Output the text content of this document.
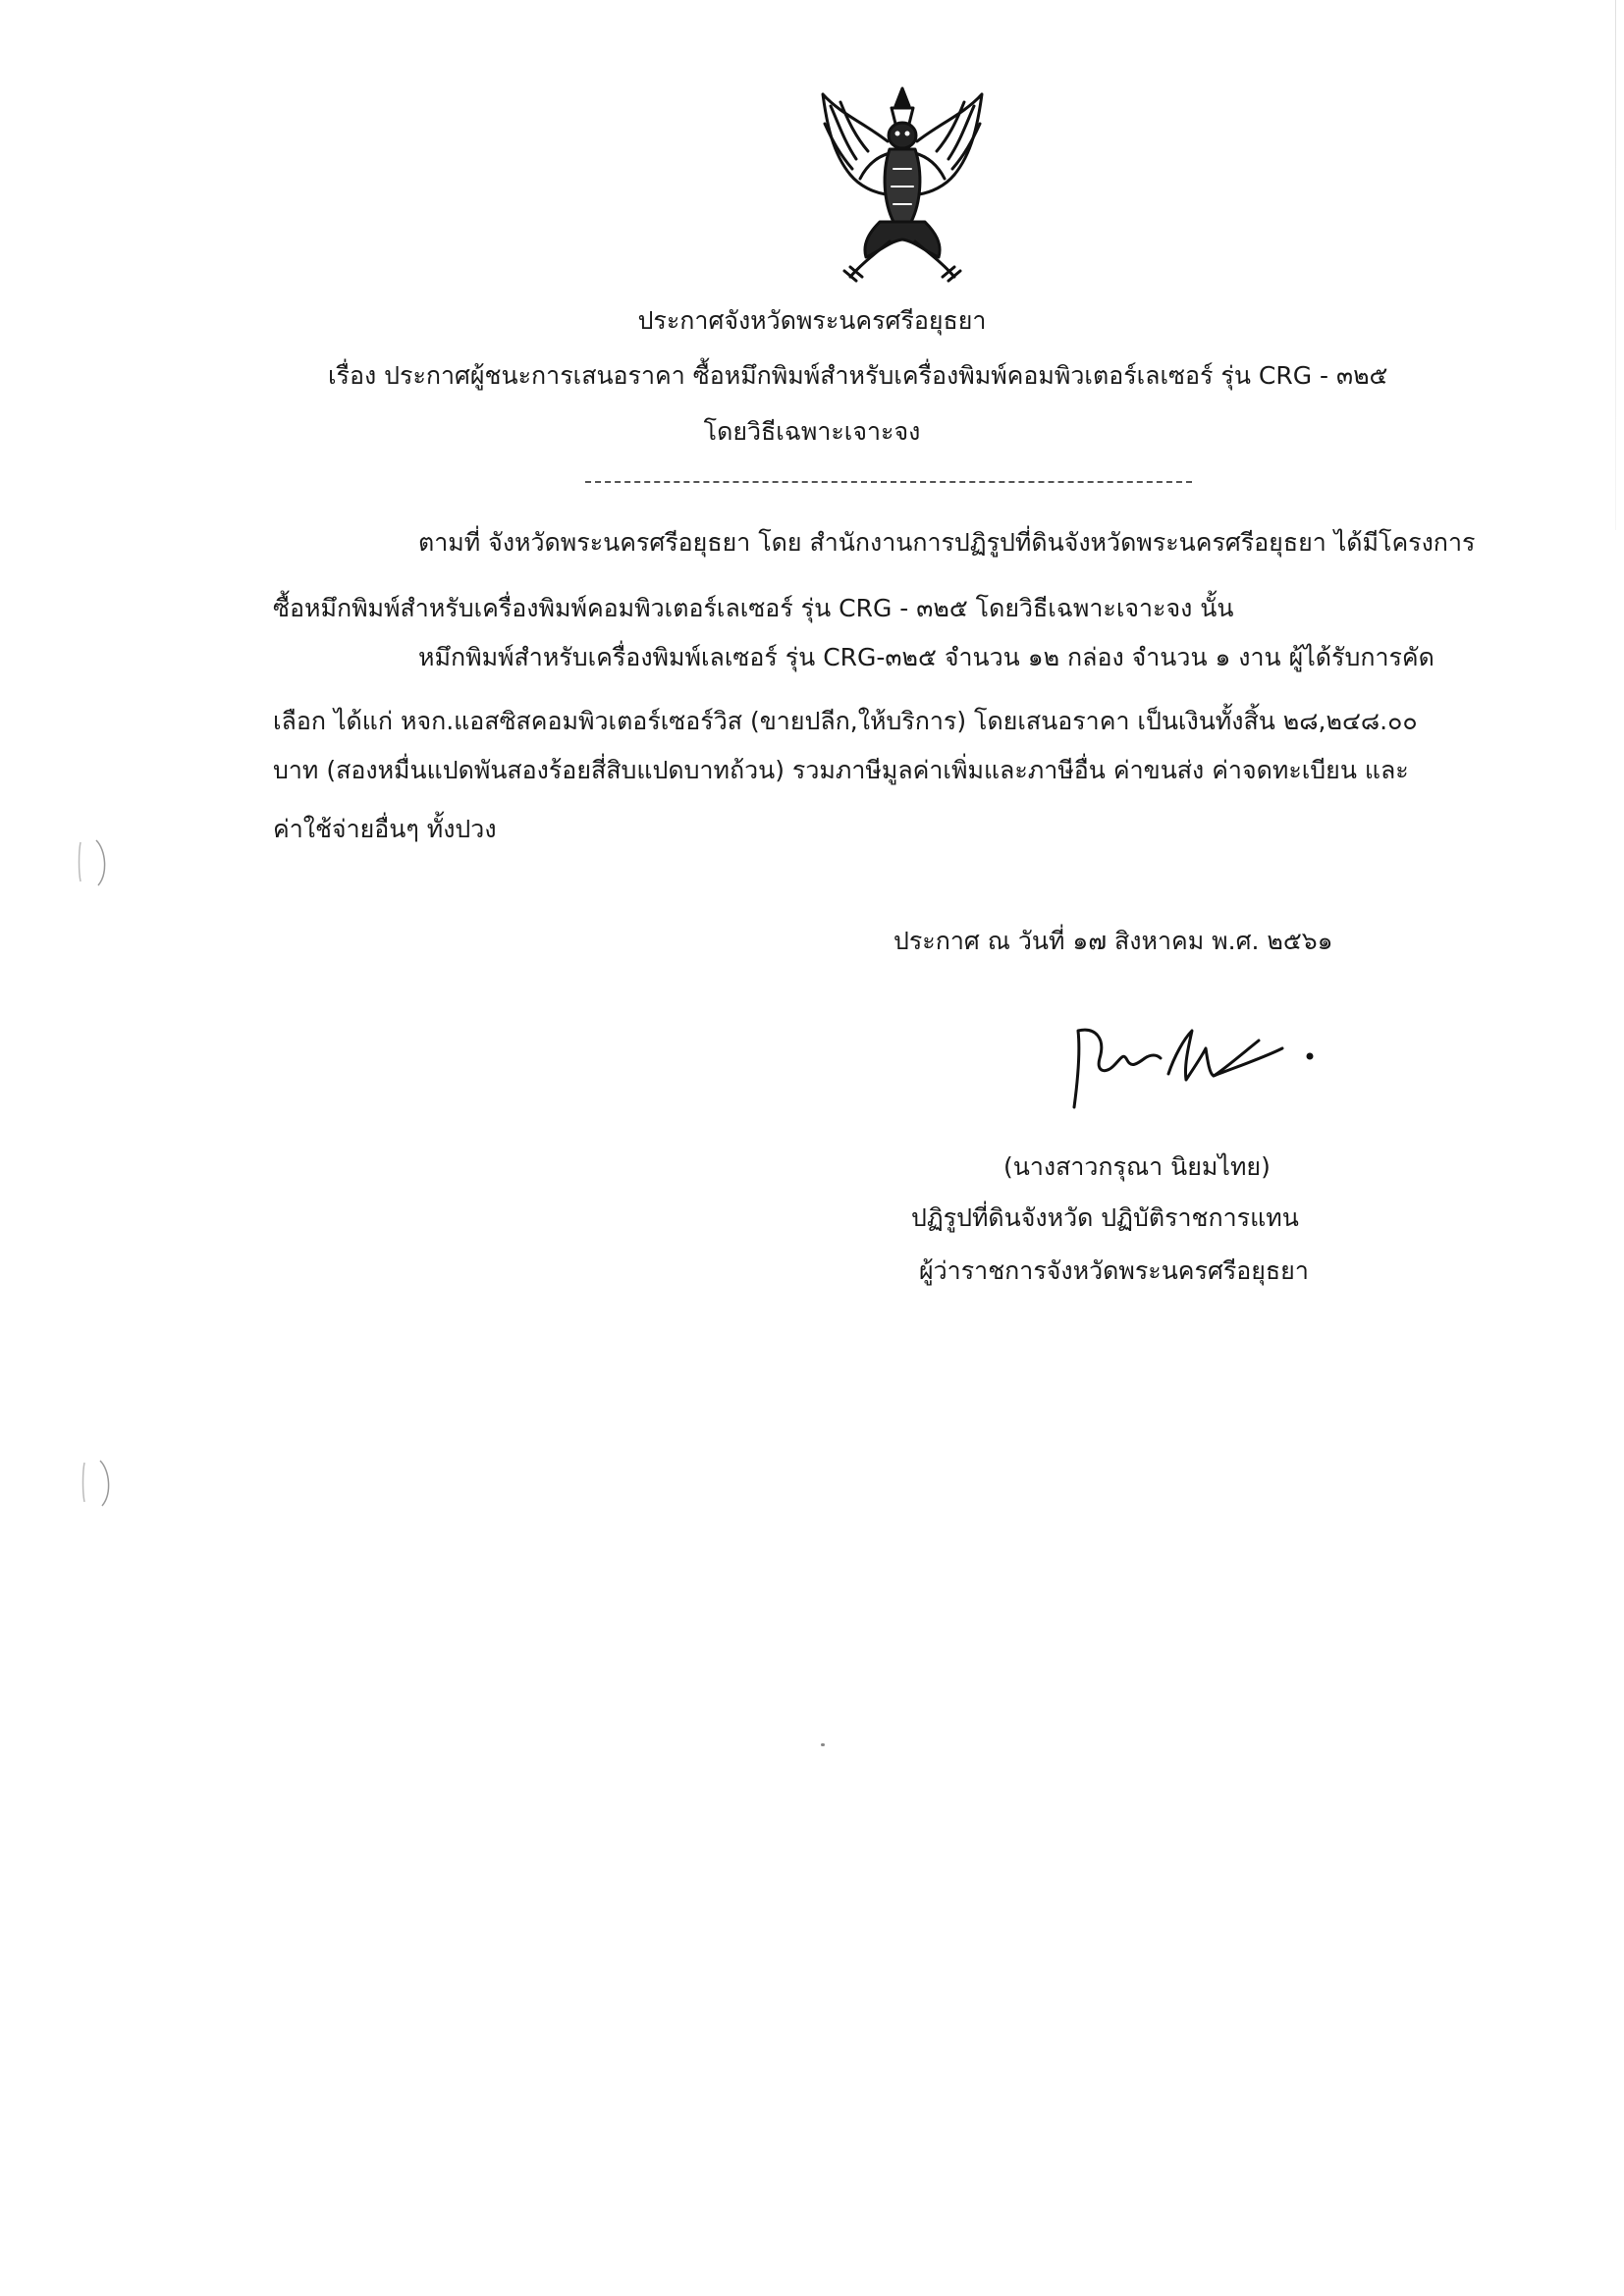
ประกาศจังหวัดพระนครศรีอยุธยา
เรื่อง ประกาศผู้ชนะการเสนอราคา ซื้อหมึกพิมพ์สำหรับเครื่องพิมพ์คอมพิวเตอร์เลเซอร์ รุ่น CRG - ๓๒๕
โดยวิธีเฉพาะเจาะจง
ตามที่ จังหวัดพระนครศรีอยุธยา โดย สำนักงานการปฏิรูปที่ดินจังหวัดพระนครศรีอยุธยา ได้มีโครงการ
ซื้อหมึกพิมพ์สำหรับเครื่องพิมพ์คอมพิวเตอร์เลเซอร์ รุ่น CRG - ๓๒๕ โดยวิธีเฉพาะเจาะจง นั้น
หมึกพิมพ์สำหรับเครื่องพิมพ์เลเซอร์ รุ่น CRG-๓๒๕ จำนวน ๑๒ กล่อง จำนวน ๑ งาน ผู้ได้รับการคัด
เลือก ได้แก่ หจก.แอสซิสคอมพิวเตอร์เซอร์วิส (ขายปลีก,ให้บริการ) โดยเสนอราคา เป็นเงินทั้งสิ้น ๒๘,๒๔๘.๐๐
บาท (สองหมื่นแปดพันสองร้อยสี่สิบแปดบาทถ้วน) รวมภาษีมูลค่าเพิ่มและภาษีอื่น ค่าขนส่ง ค่าจดทะเบียน และ
ค่าใช้จ่ายอื่นๆ ทั้งปวง
ประกาศ ณ วันที่ ๑๗ สิงหาคม พ.ศ. ๒๕๖๑
(นางสาวกรุณา นิยมไทย)
ปฏิรูปที่ดินจังหวัด ปฏิบัติราชการแทน
ผู้ว่าราชการจังหวัดพระนครศรีอยุธยา
